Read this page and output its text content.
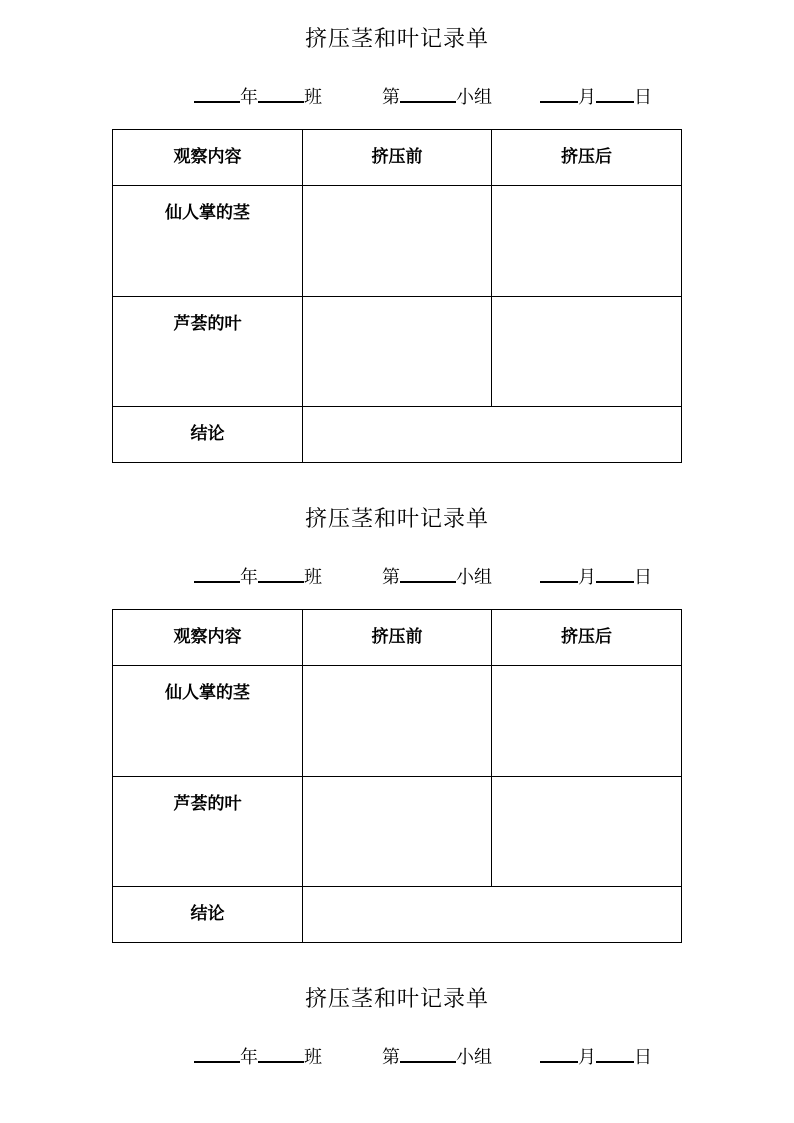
挤压茎和叶记录单
年	班	第	小组	月 日
观察内容	挤压前	挤压后
仙人掌的茎		
芦荟的叶		
结论		
挤压茎和叶记录单
年	班	第	小组	月 日
观察内容	挤压前	挤压后
仙人掌的茎		
芦荟的叶		
结论		
挤压茎和叶记录单
年	班	第	小组	月 日
